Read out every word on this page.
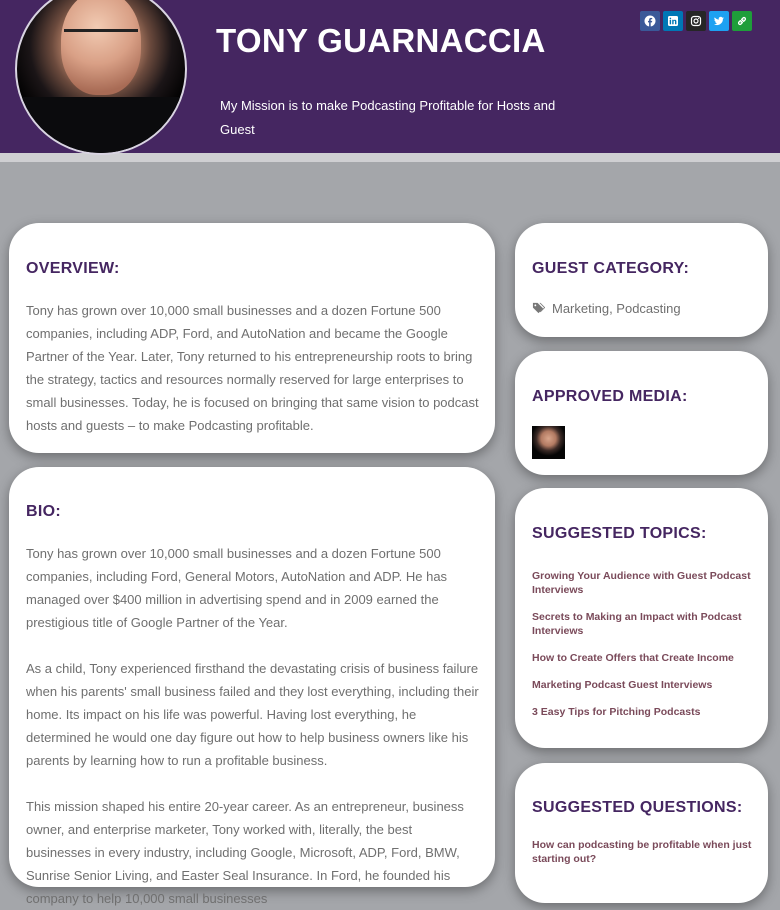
TONY GUARNACCIA
My Mission is to make Podcasting Profitable for Hosts and Guest
OVERVIEW:
Tony has grown over 10,000 small businesses and a dozen Fortune 500 companies, including ADP, Ford, and AutoNation and became the Google Partner of the Year. Later, Tony returned to his entrepreneurship roots to bring the strategy, tactics and resources normally reserved for large enterprises to small businesses. Today, he is focused on bringing that same vision to podcast hosts and guests – to make Podcasting profitable.
BIO:

Tony has grown over 10,000 small businesses and a dozen Fortune 500 companies, including Ford, General Motors, AutoNation and ADP. He has managed over $400 million in advertising spend and in 2009 earned the prestigious title of Google Partner of the Year.

As a child, Tony experienced firsthand the devastating crisis of business failure when his parents' small business failed and they lost everything, including their home. Its impact on his life was powerful. Having lost everything, he determined he would one day figure out how to help business owners like his parents by learning how to run a profitable business.

This mission shaped his entire 20-year career. As an entrepreneur, business owner, and enterprise marketer, Tony worked with, literally, the best businesses in every industry, including Google, Microsoft, ADP, Ford, BMW, Sunrise Senior Living, and Easter Seal Insurance. In Ford, he founded his company to help 10,000 small businesses

GUEST CATEGORY:
Marketing, Podcasting
APPROVED MEDIA:
SUGGESTED TOPICS:
Growing Your Audience with Guest Podcast Interviews
Secrets to Making an Impact with Podcast Interviews
How to Create Offers that Create Income
Marketing Podcast Guest Interviews
3 Easy Tips for Pitching Podcasts
SUGGESTED QUESTIONS:
How can podcasting be profitable when just starting out?
